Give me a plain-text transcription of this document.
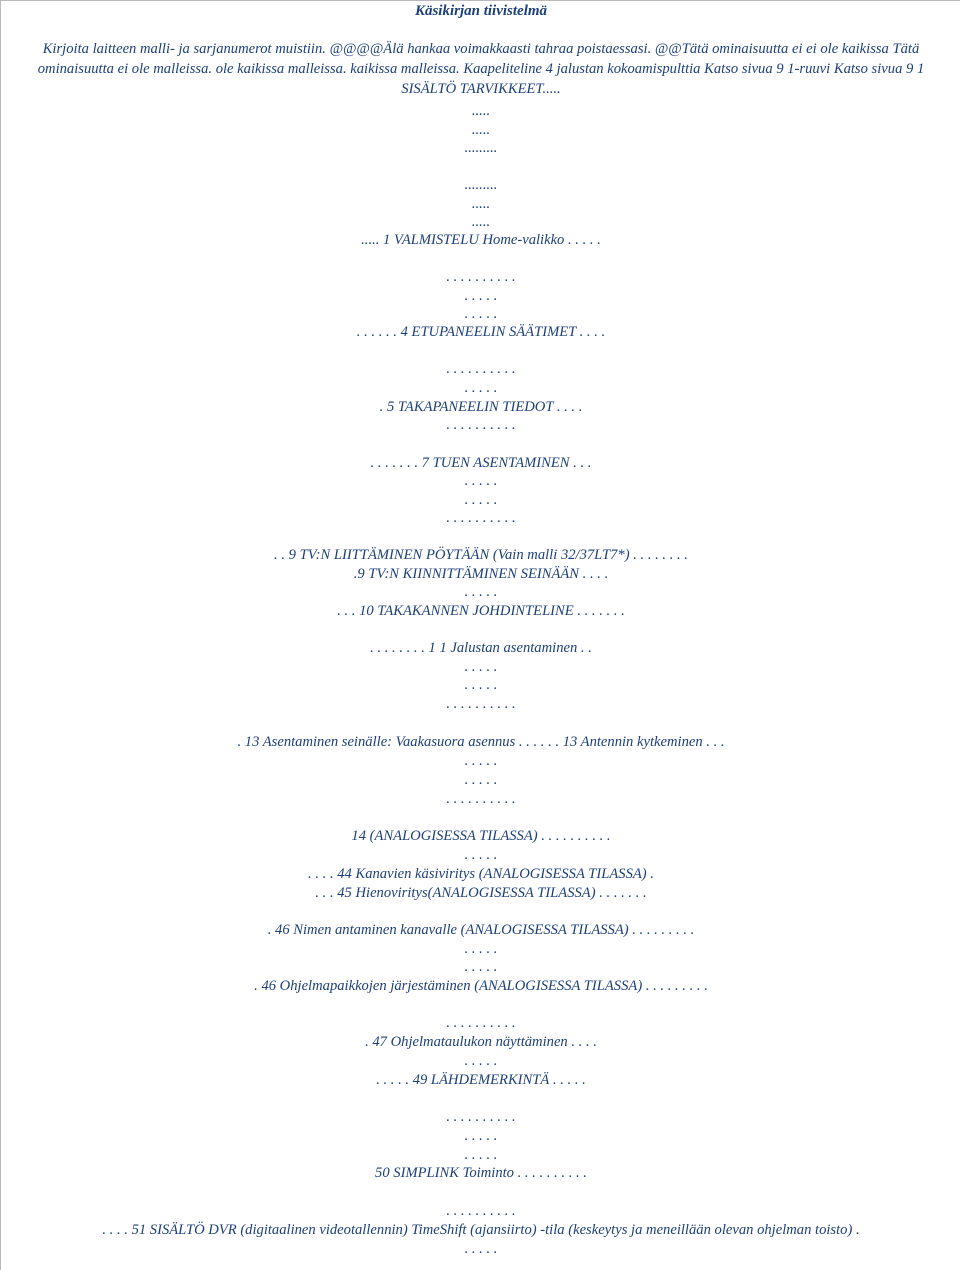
Käsikirjan tiivistelmä
Kirjoita laitteen malli- ja sarjanumerot muistiin. @@@@Älä hankaa voimakkaasti tahraa poistaessasi. @@Tätä ominaisuutta ei ei ole kaikissa Tätä ominaisuutta ei ole malleissa. ole kaikissa malleissa. kaikissa malleissa. Kaapeliteline 4 jalustan kokoamispulttia Katso sivua 9 1-ruuvi Katso sivua 9 1 SISÄLTÖ TARVIKKEET.....
.....
.....
.........
.........
.....
.....
..... 1 VALMISTELU Home-valikko . . . . .
. . . . . . . . . .
. . . . .
. . . . .
. . . . . . 4 ETUPANEELIN SÄÄTIMET . . . .
. . . . . . . . . .
. . . . .
. 5 TAKAPANEELIN TIEDOT . . . .
. . . . . . . . . .
. . . . . . . 7 TUEN ASENTAMINEN . . .
. . . . .
. . . . .
. . . . . . . . . .
. . 9 TV:N LIITTÄMINEN PÖYTÄÄN (Vain malli 32/37LT7*) . . . . . . . .
.9 TV:N KIINNITTÄMINEN SEINÄÄN . . . .
. . . . .
. . . 10 TAKAKANNEN JOHDINTELINE . . . . . . .
. . . . . . . . 1 1 Jalustan asentaminen . .
. . . . .
. . . . .
. . . . . . . . . .
. 13 Asentaminen seinälle: Vaakasuora asennus . . . . . . 13 Antennin kytkeminen . . .
. . . . .
. . . . .
. . . . . . . . . .
14 (ANALOGISESSA TILASSA) . . . . . . . . . .
. . . . .
. . . . 44 Kanavien käsiviritys (ANALOGISESSA TILASSA) .
. . . 45 Hienoviritys(ANALOGISESSA TILASSA) . . . . . . .
. 46 Nimen antaminen kanavalle (ANALOGISESSA TILASSA) . . . . . . . . .
. . . . .
. . . . .
. 46 Ohjelmapaikkojen järjestäminen (ANALOGISESSA TILASSA) . . . . . . . . .
. . . . . . . . . .
. 47 Ohjelmataulukon näyttäminen . . . .
. . . . .
. . . . . 49 LÄHDEMERKINTÄ . . . . .
. . . . . . . . . .
. . . . .
. . . . .
50 SIMPLINK Toiminto . . . . . . . . . .
. . . . . . . . . .
. . . . 51 SISÄLTÖ DVR (digitaalinen videotallennin) TimeShift (ajansiirto) -tila (keskeytys ja meneillään olevan ohjelman toisto) .
. . . . .
